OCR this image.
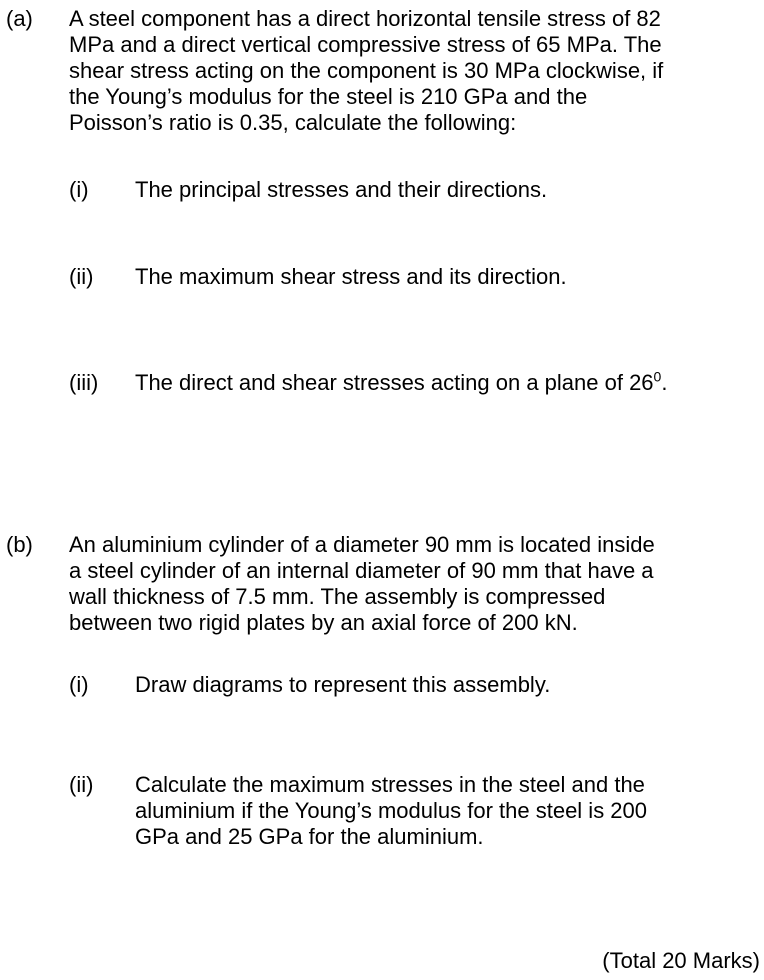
(a) A steel component has a direct horizontal tensile stress of 82
MPa and a direct vertical compressive stress of 65 MPa. The
shear stress acting on the component is 30 MPa clockwise, if
the Young’s modulus for the steel is 210 GPa and the
Poisson’s ratio is 0.35, calculate the following:
(i) The principal stresses and their directions.
(ii) The maximum shear stress and its direction.
(iii) The direct and shear stresses acting on a plane of $26^0$.
(b) An aluminium cylinder of a diameter 90 mm is located inside
a steel cylinder of an internal diameter of 90 mm that have a
wall thickness of 7.5 mm. The assembly is compressed
between two rigid plates by an axial force of 200 kN.
(i) Draw diagrams to represent this assembly.
(ii) Calculate the maximum stresses in the steel and the
aluminium if the Young’s modulus for the steel is 200
GPa and 25 GPa for the aluminium.
(Total 20 Marks)
